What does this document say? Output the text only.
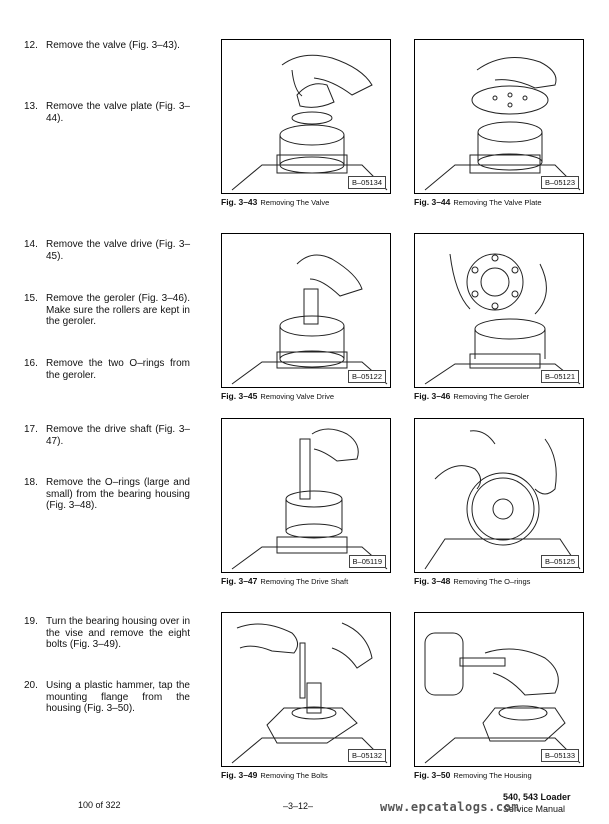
12. Remove the valve (Fig. 3–43).
13. Remove the valve plate (Fig. 3–44).
14. Remove the valve drive (Fig. 3–45).
15. Remove the geroler (Fig. 3–46). Make sure the rollers are kept in the geroler.
16. Remove the two O–rings from the geroler.
17. Remove the drive shaft (Fig. 3–47).
18. Remove the O–rings (large and small) from the bearing housing (Fig. 3–48).
19. Turn the bearing housing over in the vise and remove the eight bolts (Fig. 3–49).
20. Using a plastic hammer, tap the mounting flange from the housing (Fig. 3–50).
B–05134
Fig. 3–43 Removing The Valve
B–05123
Fig. 3–44 Removing The Valve Plate
B–05122
Fig. 3–45 Removing Valve Drive
B–05121
Fig. 3–46 Removing The Geroler
B–05119
Fig. 3–47 Removing The Drive Shaft
B–05125
Fig. 3–48 Removing The O–rings
B–05132
Fig. 3–49 Removing The Bolts
B–05133
Fig. 3–50 Removing The Housing
100 of 322	–3–12–
540, 543 Loader
Service Manual
www.epcatalogs.com
